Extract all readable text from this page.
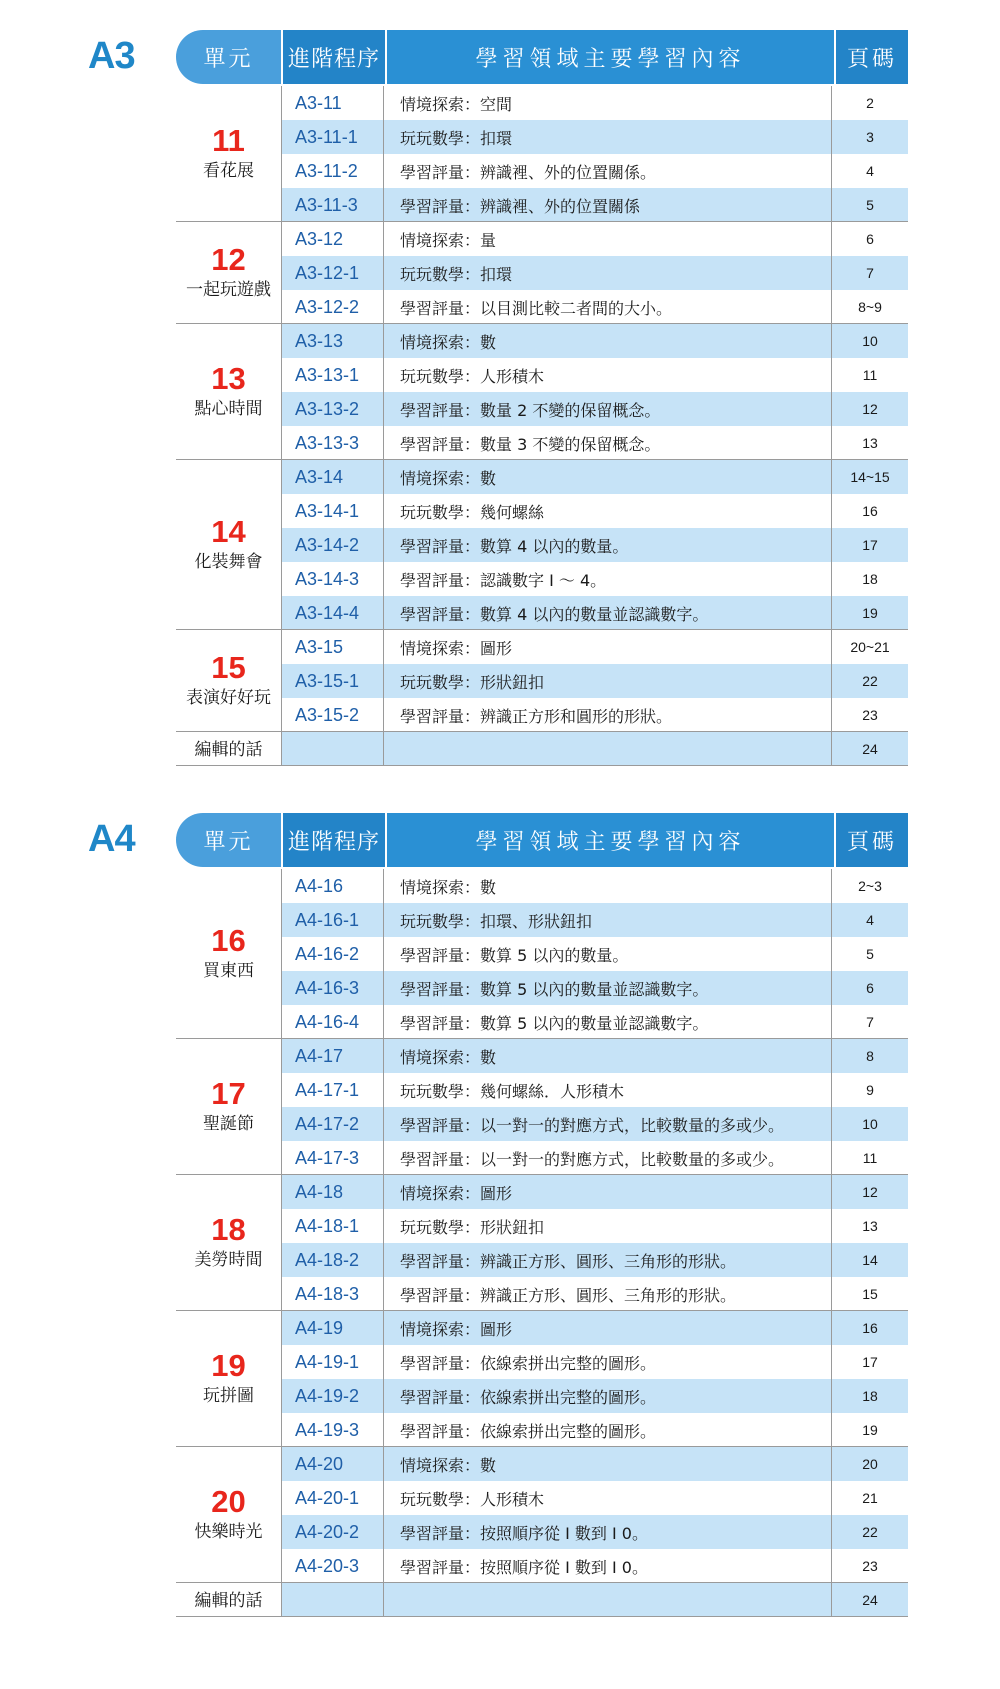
A3	單元	進階程序	學習領域主要學習內容	頁碼
11
看花展
A3-11	情境探索：空間	2
A3-11-1	玩玩數學：扣環	3
A3-11-2	學習評量：辨識裡、外的位置關係。	4
A3-11-3	學習評量：辨識裡、外的位置關係	5
12
一起玩遊戲
A3-12	情境探索：量	6
A3-12-1	玩玩數學：扣環	7
A3-12-2	學習評量：以目測比較二者間的大小。	8~9
13
點心時間
A3-13	情境探索：數	10
A3-13-1	玩玩數學：人形積木	11
A3-13-2	學習評量：數量 2 不變的保留概念。	12
A3-13-3	學習評量：數量 3 不變的保留概念。	13
14
化裝舞會
A3-14	情境探索：數	14~15
A3-14-1	玩玩數學：幾何螺絲	16
A3-14-2	學習評量：數算 4 以內的數量。	17
A3-14-3	學習評量：認識數字 I ～ 4。	18
A3-14-4	學習評量：數算 4 以內的數量並認識數字。	19
15
表演好好玩
A3-15	情境探索：圖形	20~21
A3-15-1	玩玩數學：形狀鈕扣	22
A3-15-2	學習評量：辨識正方形和圓形的形狀。	23
編輯的話	24
A4	單元	進階程序	學習領域主要學習內容	頁碼
16
買東西
A4-16	情境探索：數	2~3
A4-16-1	玩玩數學：扣環、形狀鈕扣	4
A4-16-2	學習評量：數算 5 以內的數量。	5
A4-16-3	學習評量：數算 5 以內的數量並認識數字。	6
A4-16-4	學習評量：數算 5 以內的數量並認識數字。	7
17
聖誕節
A4-17	情境探索：數	8
A4-17-1	玩玩數學：幾何螺絲．人形積木	9
A4-17-2	學習評量：以一對一的對應方式，比較數量的多或少。	10
A4-17-3	學習評量：以一對一的對應方式，比較數量的多或少。	11
18
美勞時間
A4-18	情境探索：圖形	12
A4-18-1	玩玩數學：形狀鈕扣	13
A4-18-2	學習評量：辨識正方形、圓形、三角形的形狀。	14
A4-18-3	學習評量：辨識正方形、圓形、三角形的形狀。	15
19
玩拼圖
A4-19	情境探索：圖形	16
A4-19-1	學習評量：依線索拼出完整的圖形。	17
A4-19-2	學習評量：依線索拼出完整的圖形。	18
A4-19-3	學習評量：依線索拼出完整的圖形。	19
20
快樂時光
A4-20	情境探索：數	20
A4-20-1	玩玩數學：人形積木	21
A4-20-2	學習評量：按照順序從 I 數到 I 0。	22
A4-20-3	學習評量：按照順序從 I 數到 I 0。	23
編輯的話	24
